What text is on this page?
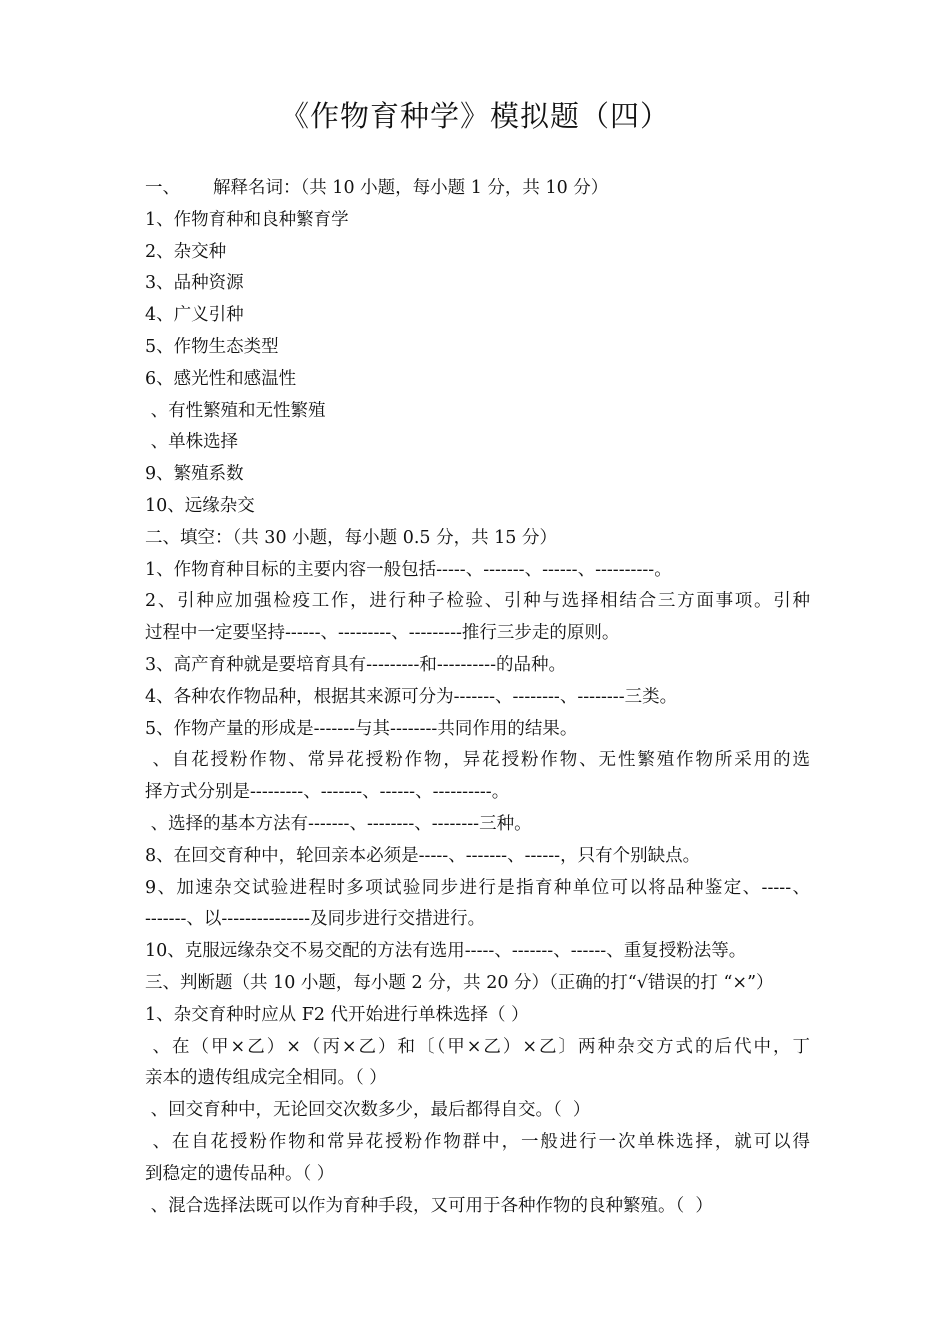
《作物育种学》模拟题（四）
一、 解释名词：（共 10 小题，每小题 1 分，共 10 分）
1、作物育种和良种繁育学
2、杂交种
3、品种资源
4、广义引种
5、作物生态类型
6、感光性和感温性
、有性繁殖和无性繁殖
、单株选择
9、繁殖系数
10、远缘杂交
二、填空：（共 30 小题，每小题 0.5 分，共 15 分）
1、作物育种目标的主要内容一般包括-----、-------、------、----------。
2、引种应加强检疫工作，进行种子检验、引种与选择相结合三方面事项。引种
过程中一定要坚持------、---------、---------推行三步走的原则。
3、高产育种就是要培育具有---------和----------的品种。
4、各种农作物品种，根据其来源可分为-------、--------、--------三类。
5、作物产量的形成是-------与其--------共同作用的结果。
、自花授粉作物、常异花授粉作物，异花授粉作物、无性繁殖作物所采用的选
择方式分别是---------、-------、------、----------。
、选择的基本方法有-------、--------、--------三种。
8、在回交育种中，轮回亲本必须是-----、-------、------，只有个别缺点。
9、加速杂交试验进程时多项试验同步进行是指育种单位可以将品种鉴定、-----、
-------、以---------------及同步进行交措进行。
10、克服远缘杂交不易交配的方法有选用-----、-------、------、重复授粉法等。
三、判断题（共 10 小题，每小题 2 分，共 20 分）（正确的打“√错误的打 “×”）
1、杂交育种时应从 F2 代开始进行单株选择（ ）
、在（甲×乙）×（丙×乙）和〔（甲×乙）×乙〕两种杂交方式的后代中，丁
亲本的遗传组成完全相同。（ ）
、回交育种中，无论回交次数多少，最后都得自交。（  ）
、在自花授粉作物和常异花授粉作物群中，一般进行一次单株选择，就可以得
到稳定的遗传品种。（ ）
、混合选择法既可以作为育种手段，又可用于各种作物的良种繁殖。（  ）
